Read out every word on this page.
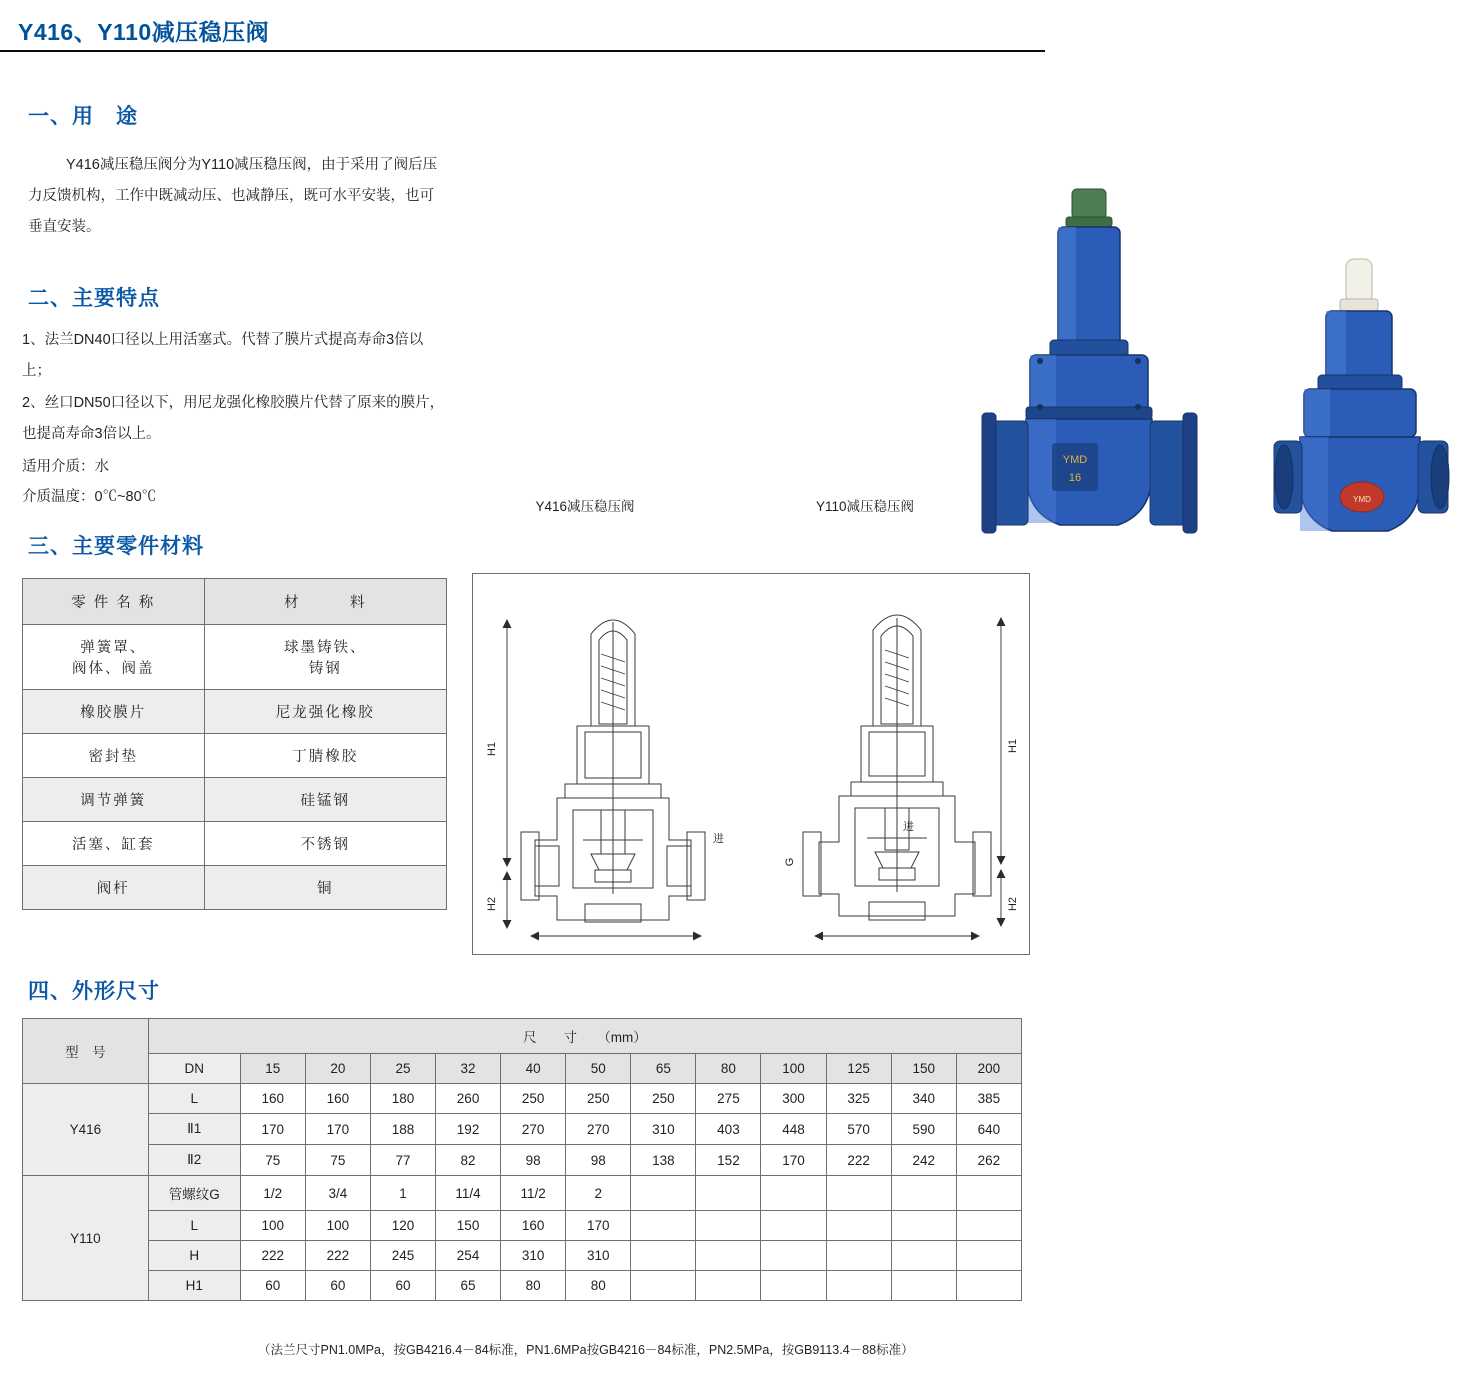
Y416、Y110减压稳压阀
一、用　途
Y416减压稳压阀分为Y110减压稳压阀，由于采用了阀后压力反馈机构，工作中既减动压、也减静压，既可水平安装，也可垂直安装。
二、主要特点
1、法兰DN40口径以上用活塞式。代替了膜片式提高寿命3倍以上；
2、丝口DN50口径以下，用尼龙强化橡胶膜片代替了原来的膜片，也提高寿命3倍以上。
适用介质：水
介质温度：0℃~80℃
YMD
16
YMD
Y416减压稳压阀	Y110减压稳压阀
三、主要零件材料
零 件 名 称	材　　　料
弹簧罩、
阀体、阀盖	球墨铸铁、
铸钢
橡胶膜片	尼龙强化橡胶
密封垫	丁腈橡胶
调节弹簧	硅锰钢
活塞、缸套	不锈钢
阀杆	铜
H1
H2
H1
H2
G
进
进
四、外形尺寸
型　号	尺　　寸　　（mm）												
	DN	15	20	25	32	40	50	65	80	100	125	150	200
Y416	L	160	160	180	260	250	250	250	275	300	325	340	385
	Ⅱ1	170	170	188	192	270	270	310	403	448	570	590	640
	Ⅱ2	75	75	77	82	98	98	138	152	170	222	242	262
Y110	管螺纹G	1/2	3/4	1	11/4	11/2	2						
	L	100	100	120	150	160	170						
	H	222	222	245	254	310	310						
	H1	60	60	60	65	80	80						
（法兰尺寸PN1.0MPa，按GB4216.4－84标准，PN1.6MPa按GB4216－84标准，PN2.5MPa，按GB9113.4－88标准）
